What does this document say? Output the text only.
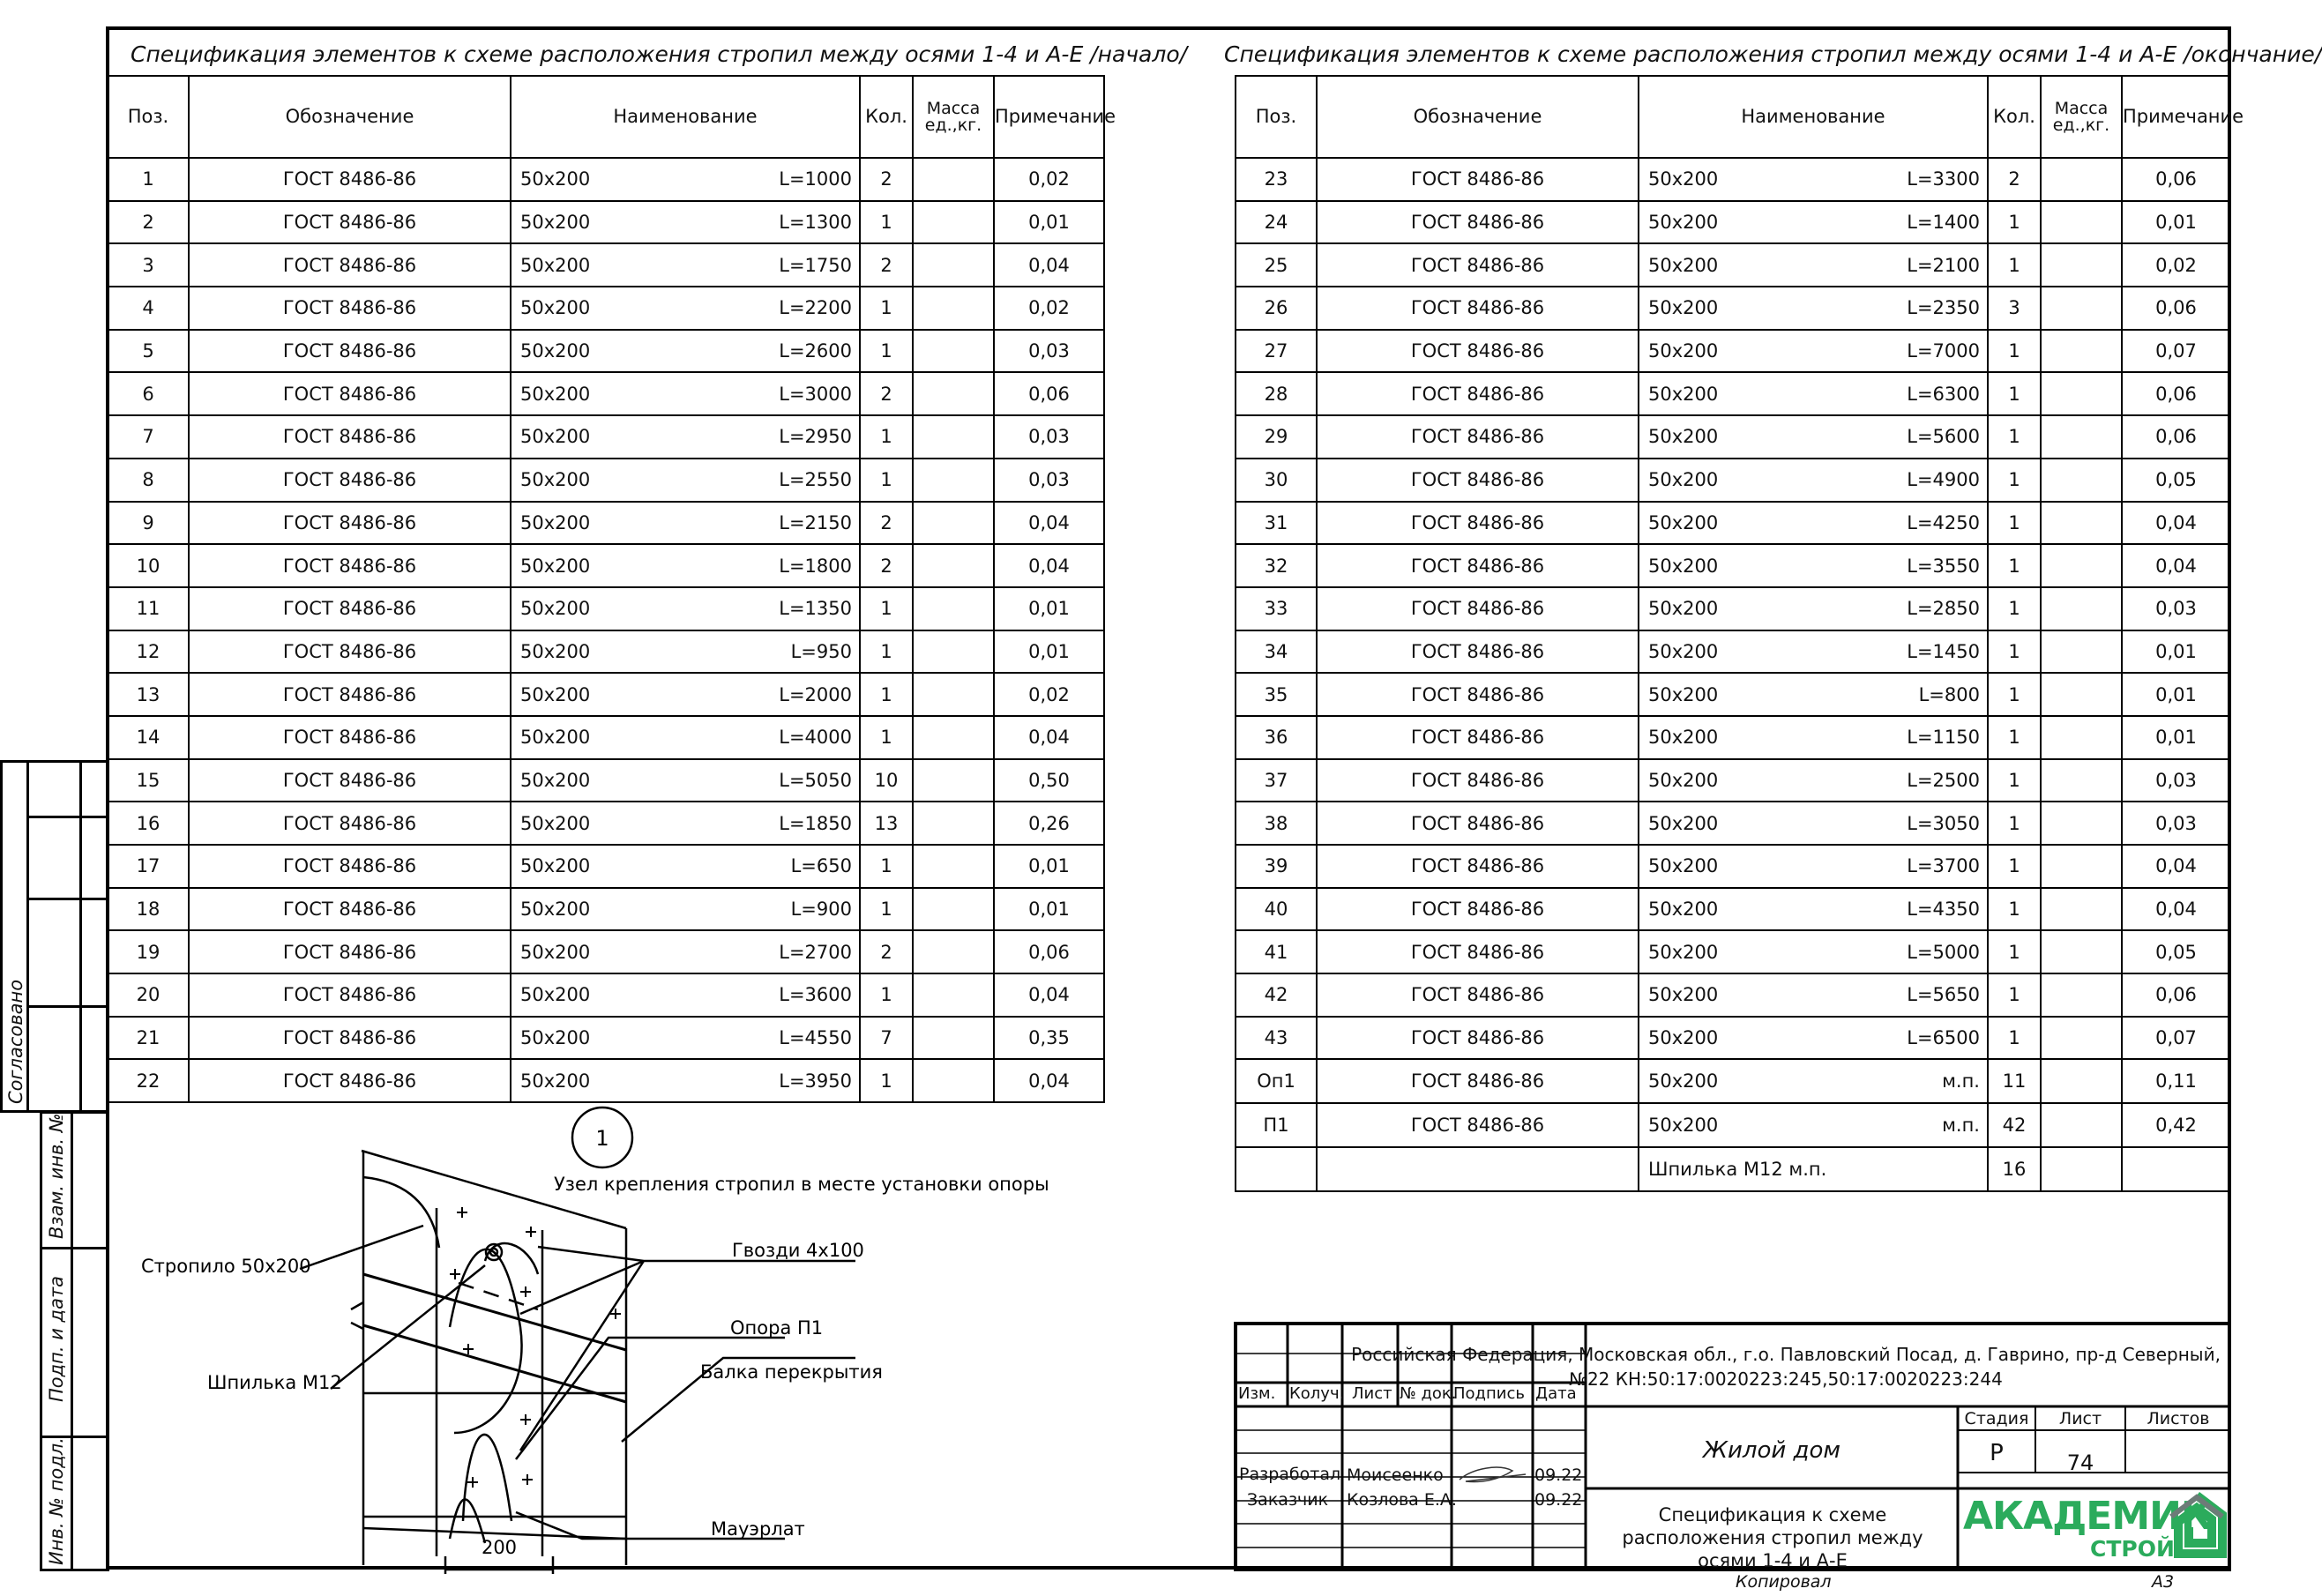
Согласовано
Взам. инв. №
Подп. и дата
Инв. № подл.
Спецификация элементов к схеме расположения стропил между осями 1-4 и А-Е /начало/
Поз.	Обозначение	Наименование	Кол.	Масса ед.,кг.	Примечание
1	ГОСТ 8486-86	50х200 L=1000	2		0,02
2	ГОСТ 8486-86	50х200 L=1300	1		0,01
3	ГОСТ 8486-86	50х200 L=1750	2		0,04
4	ГОСТ 8486-86	50х200 L=2200	1		0,02
5	ГОСТ 8486-86	50х200 L=2600	1		0,03
6	ГОСТ 8486-86	50х200 L=3000	2		0,06
7	ГОСТ 8486-86	50х200 L=2950	1		0,03
8	ГОСТ 8486-86	50х200 L=2550	1		0,03
9	ГОСТ 8486-86	50х200 L=2150	2		0,04
10	ГОСТ 8486-86	50х200 L=1800	2		0,04
11	ГОСТ 8486-86	50х200 L=1350	1		0,01
12	ГОСТ 8486-86	50х200 L=950	1		0,01
13	ГОСТ 8486-86	50х200 L=2000	1		0,02
14	ГОСТ 8486-86	50х200 L=4000	1		0,04
15	ГОСТ 8486-86	50х200 L=5050	10		0,50
16	ГОСТ 8486-86	50х200 L=1850	13		0,26
17	ГОСТ 8486-86	50х200 L=650	1		0,01
18	ГОСТ 8486-86	50х200 L=900	1		0,01
19	ГОСТ 8486-86	50х200 L=2700	2		0,06
20	ГОСТ 8486-86	50х200 L=3600	1		0,04
21	ГОСТ 8486-86	50х200 L=4550	7		0,35
22	ГОСТ 8486-86	50х200 L=3950	1		0,04
Спецификация элементов к схеме расположения стропил между осями 1-4 и А-Е /окончание/
Поз.	Обозначение	Наименование	Кол.	Масса ед.,кг.	Примечание
23	ГОСТ 8486-86	50х200 L=3300	2		0,06
24	ГОСТ 8486-86	50х200 L=1400	1		0,01
25	ГОСТ 8486-86	50х200 L=2100	1		0,02
26	ГОСТ 8486-86	50х200 L=2350	3		0,06
27	ГОСТ 8486-86	50х200 L=7000	1		0,07
28	ГОСТ 8486-86	50х200 L=6300	1		0,06
29	ГОСТ 8486-86	50х200 L=5600	1		0,06
30	ГОСТ 8486-86	50х200 L=4900	1		0,05
31	ГОСТ 8486-86	50х200 L=4250	1		0,04
32	ГОСТ 8486-86	50х200 L=3550	1		0,04
33	ГОСТ 8486-86	50х200 L=2850	1		0,03
34	ГОСТ 8486-86	50х200 L=1450	1		0,01
35	ГОСТ 8486-86	50х200 L=800	1		0,01
36	ГОСТ 8486-86	50х200 L=1150	1		0,01
37	ГОСТ 8486-86	50х200 L=2500	1		0,03
38	ГОСТ 8486-86	50х200 L=3050	1		0,03
39	ГОСТ 8486-86	50х200 L=3700	1		0,04
40	ГОСТ 8486-86	50х200 L=4350	1		0,04
41	ГОСТ 8486-86	50х200 L=5000	1		0,05
42	ГОСТ 8486-86	50х200 L=5650	1		0,06
43	ГОСТ 8486-86	50х200 L=6500	1		0,07
Оп1	ГОСТ 8486-86	50х200 м.п.	11		0,11
П1	ГОСТ 8486-86	50х200 м.п.	42		0,42

		Шпилька М12 м.п.	16		
1
Узел крепления стропил в месте установки опоры
Стропило 50х200
Гвозди 4х100
Шпилька М12
Опора П1
Балка перекрытия
Мауэрлат
200
Российская Федерация, Московская обл., г.о. Павловский Посад, д. Гаврино, пр-д Северный, №22 КН:50:17:0020223:245,50:17:0020223:244
Изм. Колуч. Лист № док.
Подпись Дата
Разработал Моисеенко	09.22
Заказчик Козлова Е.А.	09.22
Жилой дом
Стадия	Лист	Листов
Р	74
Спецификация к схеме расположения стропил между осями 1-4 и А-Е
АКАДЕМИК
СТРОЙ
Копировал	А3
